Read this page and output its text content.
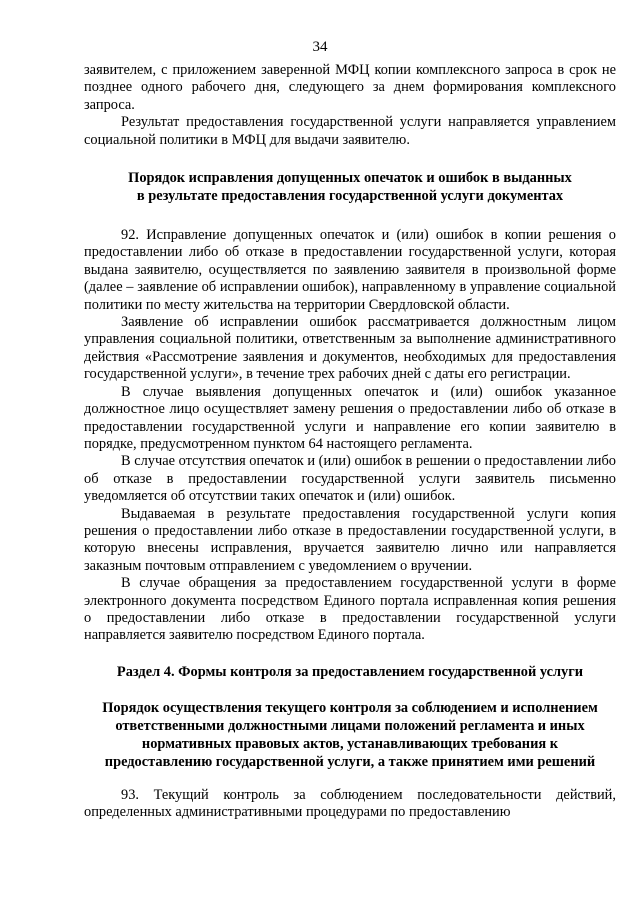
34

заявителем, с приложением заверенной МФЦ копии комплексного запроса в срок не позднее одного рабочего дня, следующего за днем формирования комплексного запроса.

Результат предоставления государственной услуги направляется управлением социальной политики в МФЦ для выдачи заявителю.

Порядок исправления допущенных опечаток и ошибок в выданных
в результате предоставления государственной услуги документах

92. Исправление допущенных опечаток и (или) ошибок в копии решения о предоставлении либо об отказе в предоставлении государственной услуги, которая выдана заявителю, осуществляется по заявлению заявителя в произвольной форме (далее – заявление об исправлении ошибок), направленному в управление социальной политики по месту жительства на территории Свердловской области.

Заявление об исправлении ошибок рассматривается должностным лицом управления социальной политики, ответственным за выполнение административного действия «Рассмотрение заявления и документов, необходимых для предоставления государственной услуги», в течение трех рабочих дней с даты его регистрации.

В случае выявления допущенных опечаток и (или) ошибок указанное должностное лицо осуществляет замену решения о предоставлении либо об отказе в предоставлении государственной услуги и направление его копии заявителю в порядке, предусмотренном пунктом 64 настоящего регламента.

В случае отсутствия опечаток и (или) ошибок в решении о предоставлении либо об отказе в предоставлении государственной услуги заявитель письменно уведомляется об отсутствии таких опечаток и (или) ошибок.

Выдаваемая в результате предоставления государственной услуги копия решения о предоставлении либо отказе в предоставлении государственной услуги, в которую внесены исправления, вручается заявителю лично или направляется заказным почтовым отправлением с уведомлением о вручении.

В случае обращения за предоставлением государственной услуги в форме электронного документа посредством Единого портала исправленная копия решения о предоставлении либо отказе в предоставлении государственной услуги направляется заявителю посредством Единого портала.

Раздел 4. Формы контроля за предоставлением государственной услуги
Порядок осуществления текущего контроля за соблюдением и исполнением
ответственными должностными лицами положений регламента и иных
нормативных правовых актов, устанавливающих требования к
предоставлению государственной услуги, а также принятием ими решений

93. Текущий контроль за соблюдением последовательности действий, определенных административными процедурами по предоставлению
